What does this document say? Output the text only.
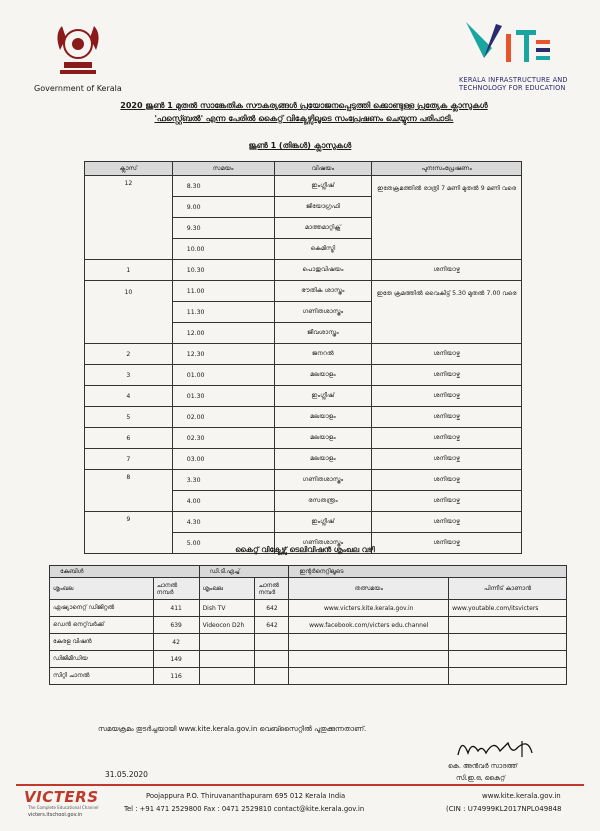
Government of Kerala
KERALA INFRASTRUCTURE AND
TECHNOLOGY FOR EDUCATION
2020 ജൂൺ 1 മുതൽ സാങ്കേതിക സൗകര്യങ്ങൾ പ്രയോജനപ്പെടുത്തി ക്കൊണ്ടുള്ള പ്രത്യേക ക്ലാസുകൾ
'ഫസ്റ്റ്ബെൽ' എന്ന പേരിൽ കൈറ്റ് വിക്ടേഴ്സിലൂടെ സംപ്രേഷണം ചെയ്യുന്ന പരിപാടി.
ജൂൺ 1 (തിങ്കൾ) ക്ലാസുകൾ
ക്ലാസ്	സമയം	വിഷയം	പുനഃസംപ്രേഷണം
12	8.30	ഇംഗ്ലീഷ്	ഇതേക്രമത്തിൽ രാത്രി 7 മണി മുതൽ 9 മണി വരെ
	9.00	ജിയോഗ്രഫി	
	9.30	മാത്തമാറ്റിക്സ്	
	10.00	കെമിസ്ട്രി	
1	10.30	പൊതുവിഷയം	ശനിയാഴ്ച
10	11.00	ഭൗതിക ശാസ്ത്രം	ഇതേ ക്രമത്തിൽ വൈകിട്ട് 5.30 മുതൽ 7.00 വരെ
	11.30	ഗണിതശാസ്ത്രം	
	12.00	ജീവശാസ്ത്രം	
2	12.30	ജനറൽ	ശനിയാഴ്ച
3	01.00	മലയാളം	ശനിയാഴ്ച
4	01.30	ഇംഗ്ലീഷ്	ശനിയാഴ്ച
5	02.00	മലയാളം	ശനിയാഴ്ച
6	02.30	മലയാളം	ശനിയാഴ്ച
7	03.00	മലയാളം	ശനിയാഴ്ച
8	3.30	ഗണിതശാസ്ത്രം	ശനിയാഴ്ച
	4.00	രസതന്ത്രം	ശനിയാഴ്ച
9	4.30	ഇംഗ്ലീഷ്	ശനിയാഴ്ച
	5.00	ഗണിതശാസ്ത്രം	ശനിയാഴ്ച
കൈറ്റ് വിക്ടേഴ്സ് ടെലിവിഷൻ ശൃംഖല വഴി
കേബിൾ		ഡി.ടി.എച്ച്		ഇന്റർനെറ്റിലൂടെ	
ശൃംഖല	ചാനൽ നമ്പർ	ശൃംഖല	ചാനൽ നമ്പർ	തത്സമയം	പിന്നീട് കാണാൻ
ഏഷ്യാനെറ്റ് ഡിജിറ്റൽ	411	Dish TV	642	www.victers.kite.kerala.gov.in	www.youtable.com/itsvicters
ഡെൻ നെറ്റ്‌വർക്ക്	639	Videocon D2h	642	www.facebook.com/victers edu.channel	
കേരള വിഷൻ	42				
ഡിജിമീഡിയ	149				
സിറ്റി ചാനൽ	116				
സമയക്രമം തുടർച്ചയായി www.kite.kerala.gov.in വെബ്സൈറ്റിൽ പുതുക്കുന്നതാണ്.
കെ. അൻവർ സാദത്ത്
സി.ഇ.ഒ, കൈറ്റ്
31.05.2020
VICTERS
The Complete Educational Channel
victers.itschool.gov.in
Poojappura P.O. Thiruvananthapuram 695 012 Kerala India
Tel : +91 471 2529800 Fax : 0471 2529810 contact@kite.kerala.gov.in
www.kite.kerala.gov.in
(CIN : U74999KL2017NPL049848
